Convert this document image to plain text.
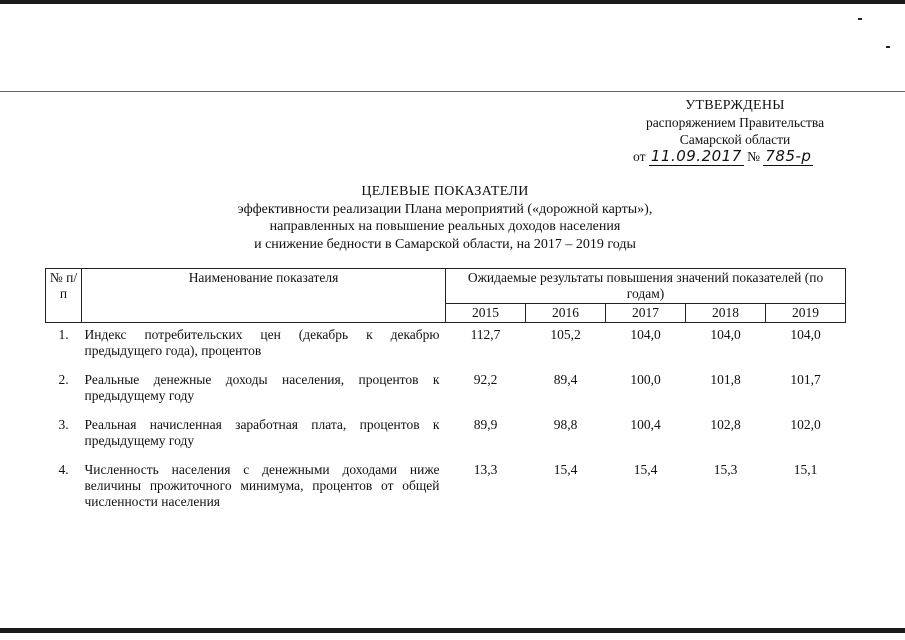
УТВЕРЖДЕНЫ
распоряжением Правительства
Самарской области
от 11.09.2017 № 785-р
ЦЕЛЕВЫЕ ПОКАЗАТЕЛИ
эффективности реализации Плана мероприятий («дорожной карты»),
направленных на повышение реальных доходов населения
и снижение бедности в Самарской области, на 2017 – 2019 годы
№ п/п	Наименование показателя	Ожидаемые результаты повышения значений показателей (по годам)				
		2015	2016	2017	2018	2019
1.	Индекс потребительских цен (декабрь к декабрю предыдущего года), процентов	112,7	105,2	104,0	104,0	104,0
2.	Реальные денежные доходы населения, процентов к предыдущему году	92,2	89,4	100,0	101,8	101,7
3.	Реальная начисленная заработная плата, процентов к предыдущему году	89,9	98,8	100,4	102,8	102,0
4.	Численность населения с денежными доходами ниже величины прожиточного минимума, процентов от общей численности населения	13,3	15,4	15,4	15,3	15,1
